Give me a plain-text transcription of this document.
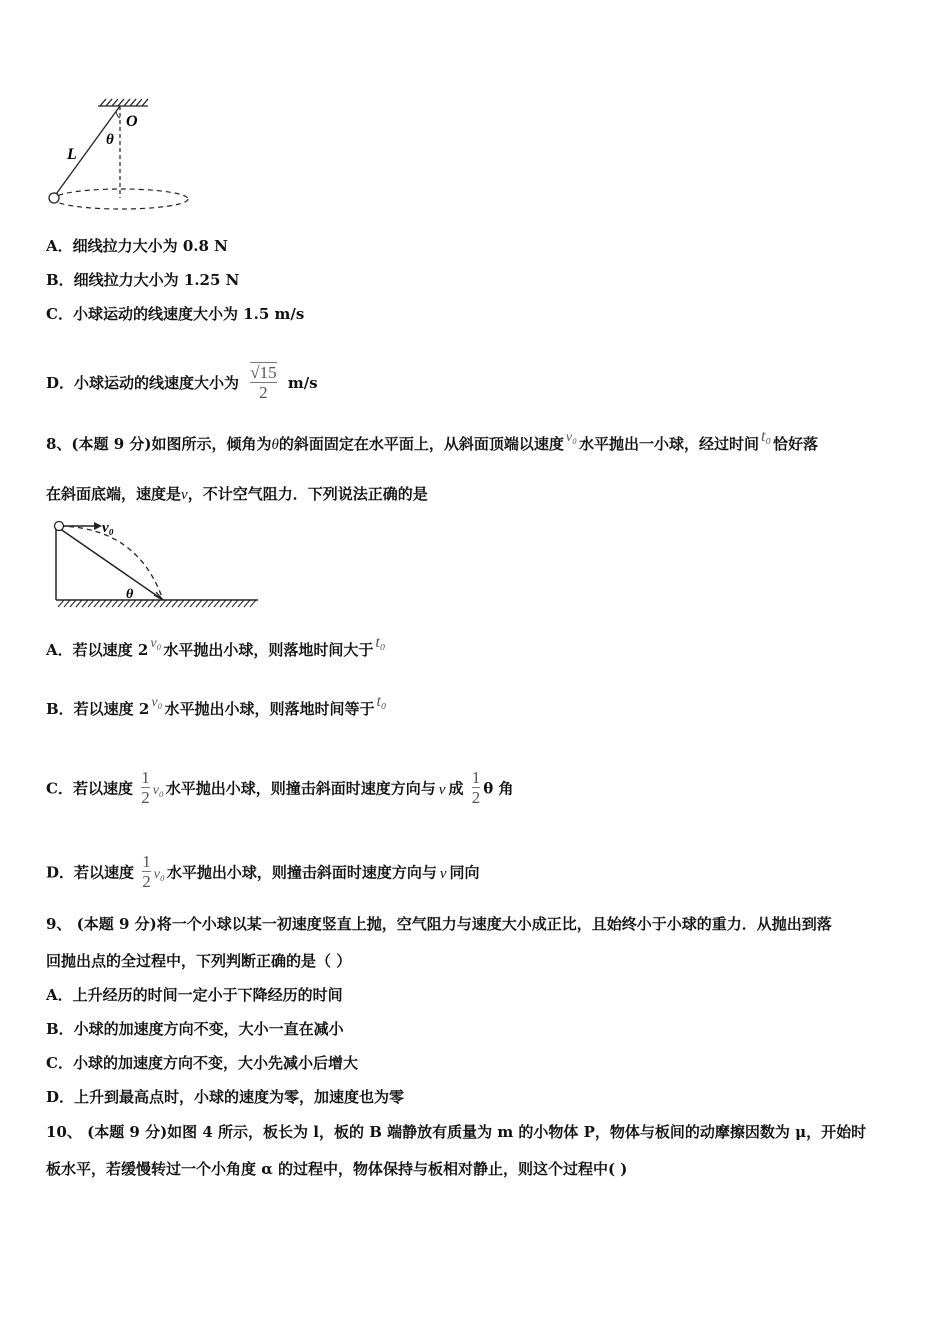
O
θ
L
A．细线拉力大小为 0.8 N
B．细线拉力大小为 1.25 N
C．小球运动的线速度大小为 1.5 m/s
D．小球运动的线速度大小为 $\frac{√15}{2} m/s$
8、(本题 9 分)如图所示，倾角为θ的斜面固定在水平面上，从斜面顶端以速度 v₀ 水平抛出一小球，经过时间 t₀ 恰好落
在斜面底端，速度是v，不计空气阻力．下列说法正确的是
v₀
θ
A．若以速度 2 v₀ 水平抛出小球，则落地时间大于 t₀
B．若以速度 2 v₀ 水平抛出小球，则落地时间等于 t₀
C．若以速度 $\frac{1}{2} v_0$ 水平抛出小球，则撞击斜面时速度方向与 v 成 $\frac{1}{2}$ θ 角
D．若以速度 $\frac{1}{2} v_0$ 水平抛出小球，则撞击斜面时速度方向与 v 同向
9、 (本题 9 分)将一个小球以某一初速度竖直上抛，空气阻力与速度大小成正比，且始终小于小球的重力．从抛出到落
回抛出点的全过程中，下列判断正确的是（ ）
A．上升经历的时间一定小于下降经历的时间
B．小球的加速度方向不变，大小一直在减小
C．小球的加速度方向不变，大小先减小后增大
D．上升到最高点时，小球的速度为零，加速度也为零
10、 (本题 9 分)如图 4 所示，板长为 l，板的 B 端静放有质量为 m 的小物体 P，物体与板间的动摩擦因数为 μ，开始时
板水平，若缓慢转过一个小角度 α 的过程中，物体保持与板相对静止，则这个过程中( )
